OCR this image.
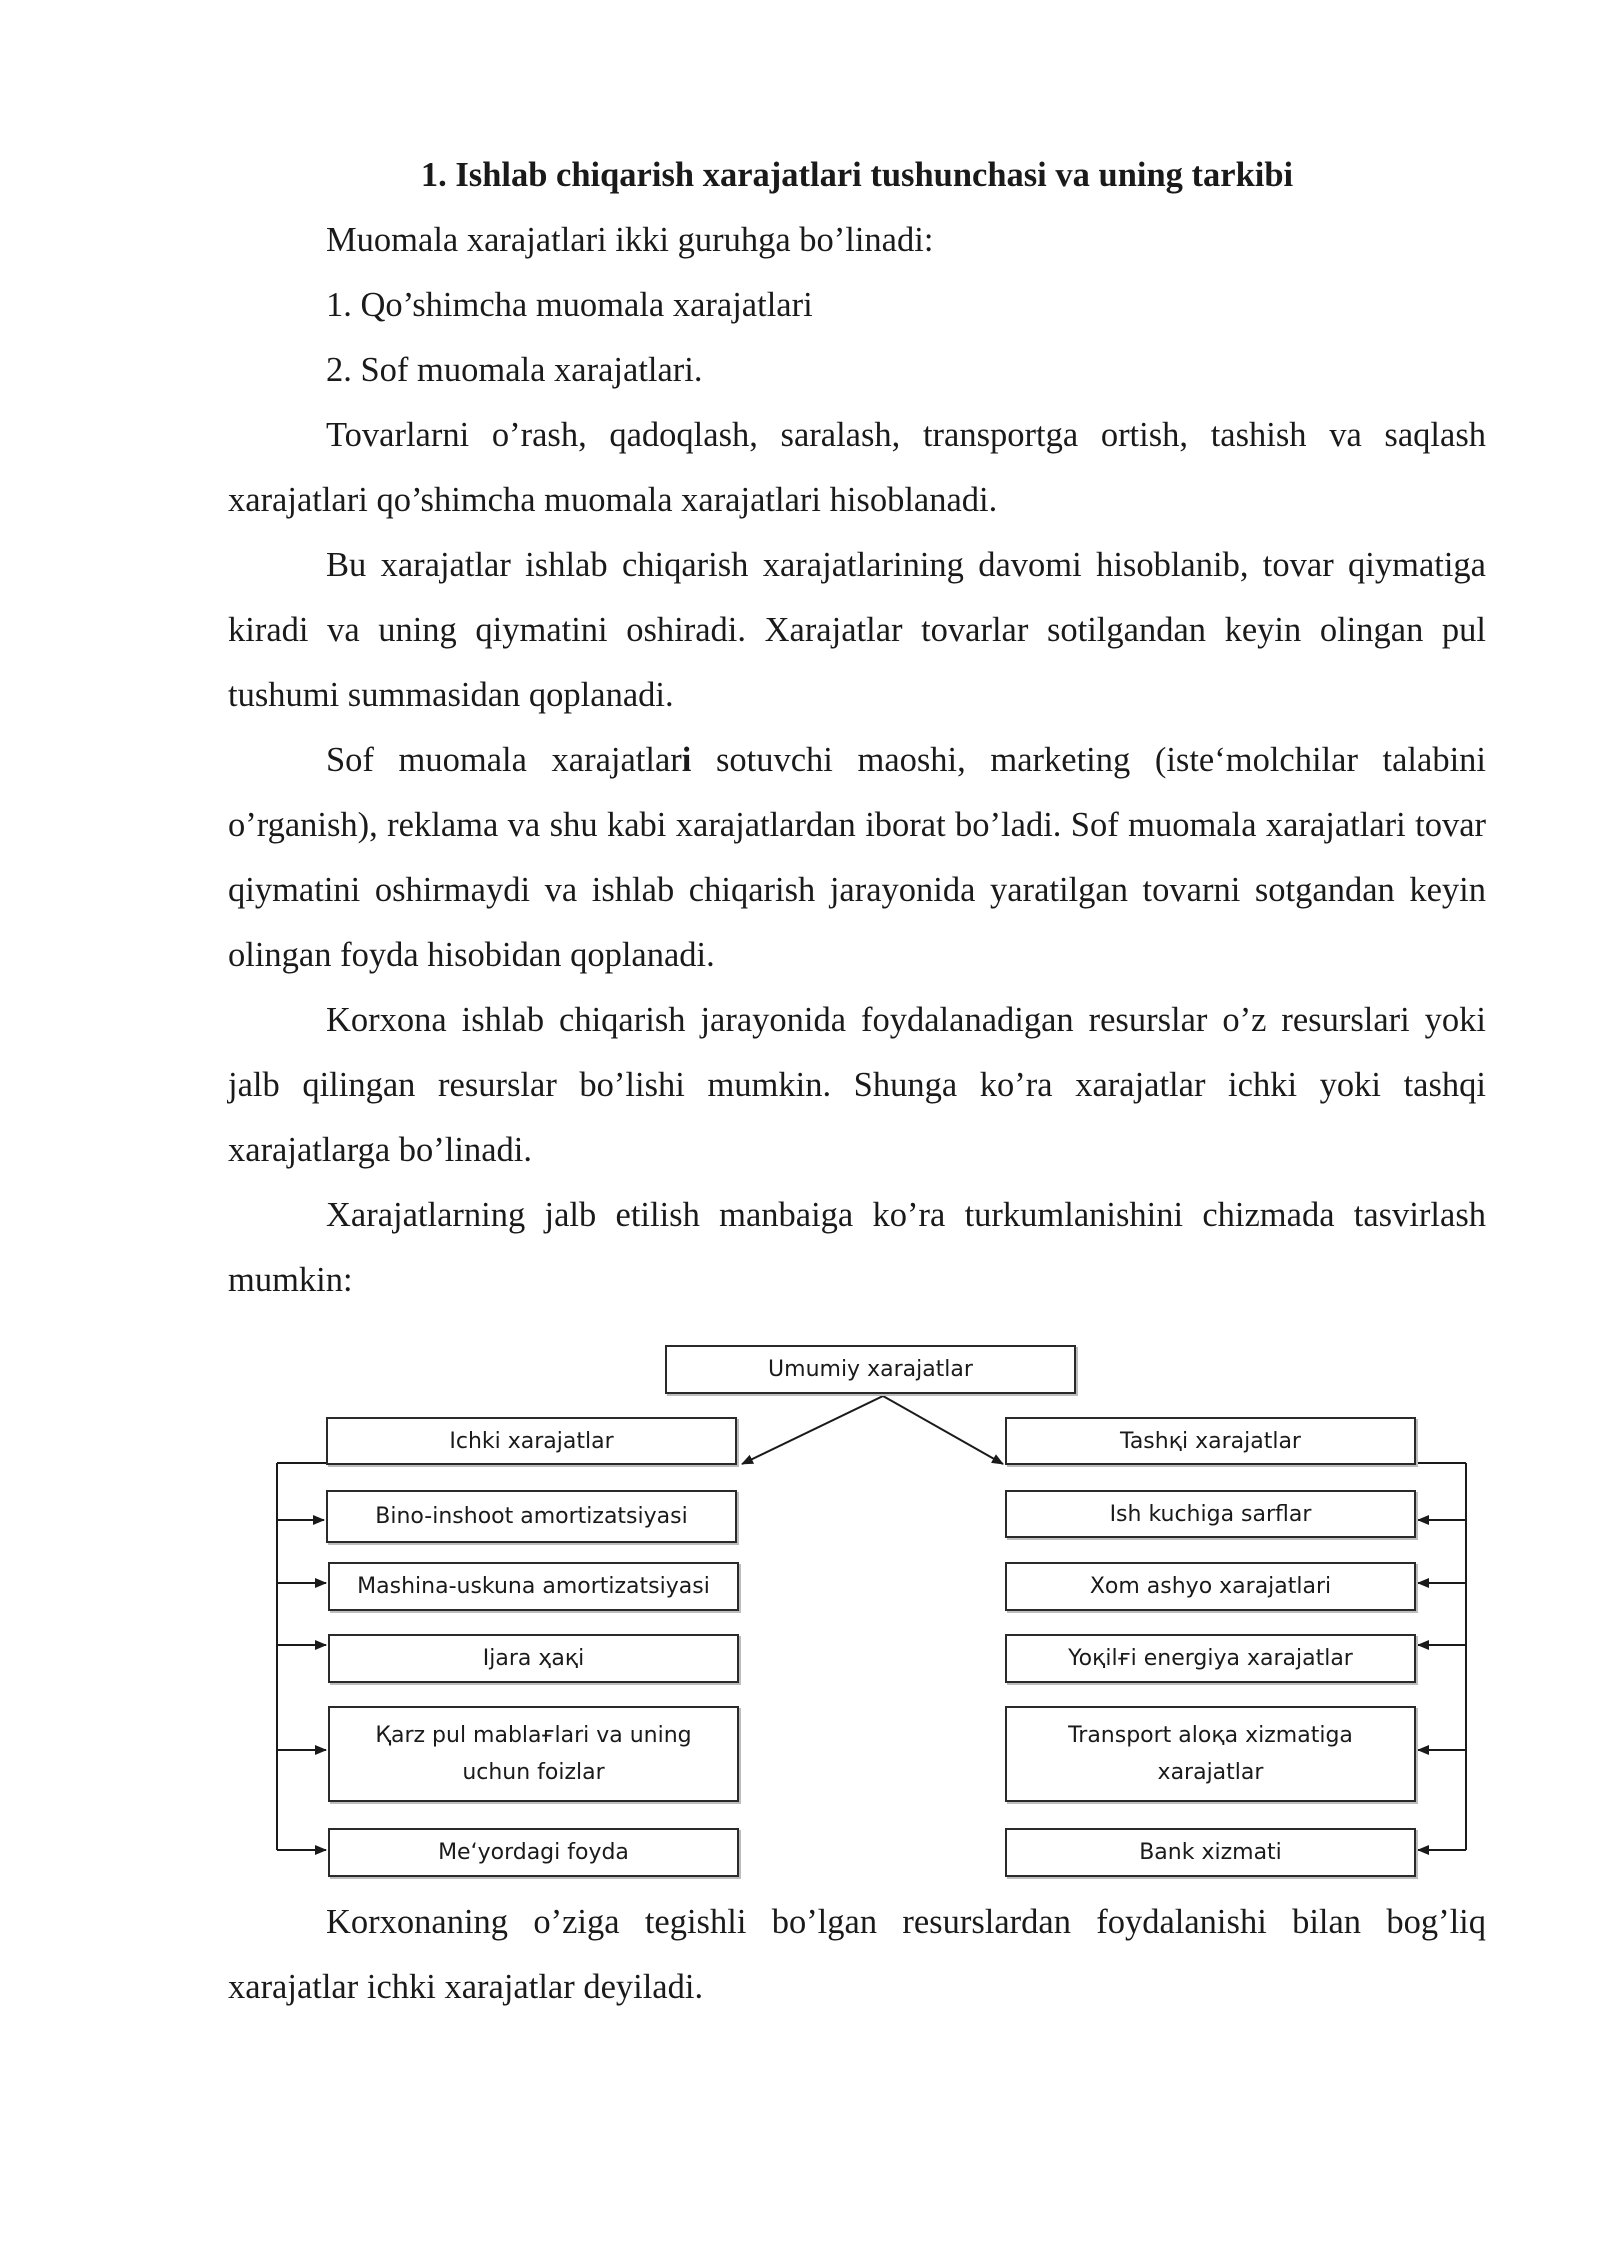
1. Ishlab chiqarish xarajatlari tushunchasi va uning tarkibi

Muomala xarajatlari ikki guruhga bo’linadi:

1. Qo’shimcha muomala xarajatlari

2. Sof muomala xarajatlari.

Tovarlarni o’rash, qadoqlash, saralash, transportga ortish, tashish va saqlash xarajatlari qo’shimcha muomala xarajatlari hisoblanadi.

Bu xarajatlar ishlab chiqarish xarajatlarining davomi hisoblanib, tovar qiymatiga kiradi va uning qiymatini oshiradi. Xarajatlar tovarlar sotilgandan keyin olingan pul tushumi summasidan qoplanadi.

Sof muomala xarajatlari sotuvchi maoshi, marketing (iste‘molchilar talabini o’rganish), reklama va shu kabi xarajatlardan iborat bo’ladi. Sof muomala xarajatlari tovar qiymatini oshirmaydi va ishlab chiqarish jarayonida yaratilgan tovarni sotgandan keyin olingan foyda hisobidan qoplanadi.

Korxona ishlab chiqarish jarayonida foydalanadigan resurslar o’z resurslari yoki jalb qilingan resurslar bo’lishi mumkin. Shunga ko’ra xarajatlar ichki yoki tashqi xarajatlarga bo’linadi.

Xarajatlarning jalb etilish manbaiga ko’ra turkumlanishini chizmada tasvirlash mumkin:

Umumiy xarajatlar
Ichki xarajatlar	Tashқi xarajatlar
Bino-inshoot amortizatsiyasi
Mashina-uskuna amortizatsiyasi
Ijara ҳақi
Қarz pul mablaғlari va uning uchun foizlar
Me‘yordagi foyda
Ish kuchiga sarflar
Xom ashyo xarajatlari
Yoқilғi energiya xarajatlar
Transport aloқa xizmatiga xarajatlar
Bank xizmati

Korxonaning o’ziga tegishli bo’lgan resurslardan foydalanishi bilan bog’liq xarajatlar ichki xarajatlar deyiladi.
